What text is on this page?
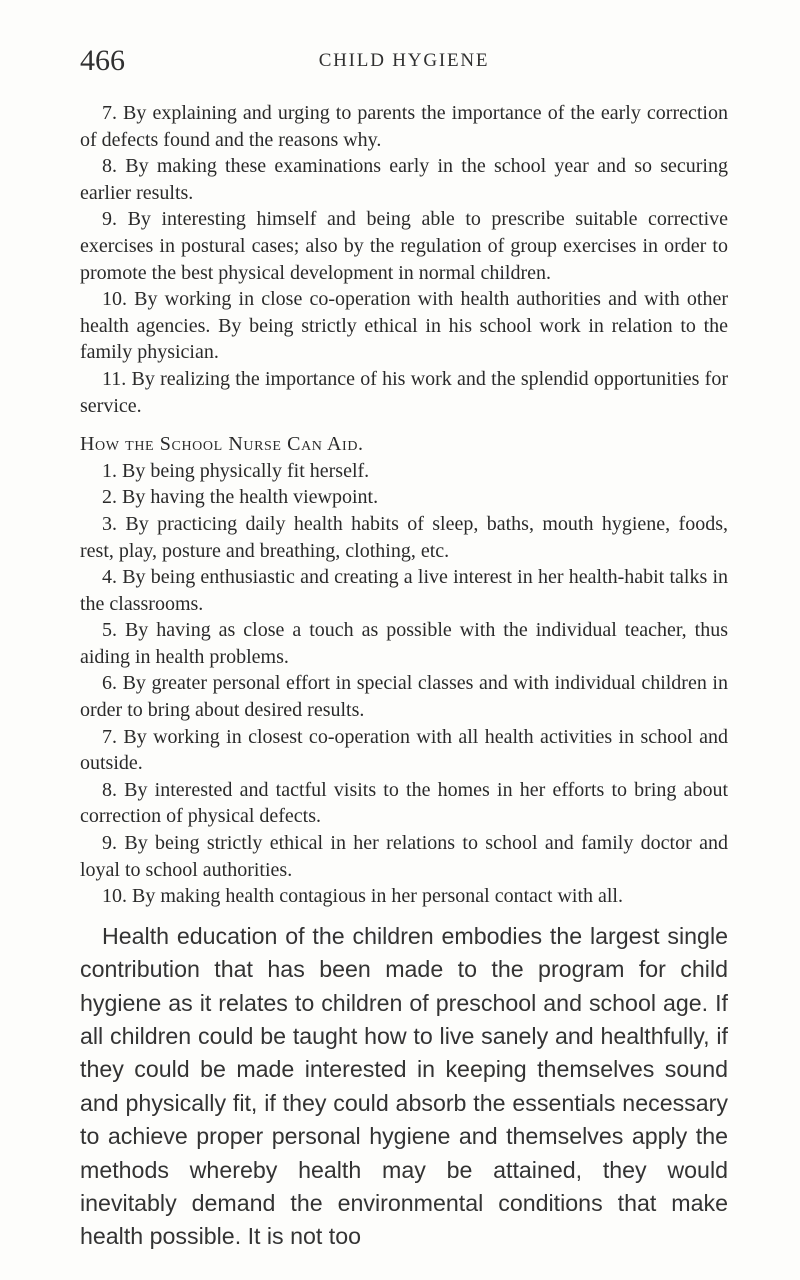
466	CHILD HYGIENE

7. By explaining and urging to parents the importance of the early correction of defects found and the reasons why.

8. By making these examinations early in the school year and so securing earlier results.

9. By interesting himself and being able to prescribe suitable corrective exercises in postural cases; also by the regulation of group exercises in order to promote the best physical development in normal children.

10. By working in close co-operation with health authorities and with other health agencies. By being strictly ethical in his school work in relation to the family physician.

11. By realizing the importance of his work and the splendid opportunities for service.

How the School Nurse Can Aid.

1. By being physically fit herself.

2. By having the health viewpoint.

3. By practicing daily health habits of sleep, baths, mouth hygiene, foods, rest, play, posture and breathing, clothing, etc.

4. By being enthusiastic and creating a live interest in her health-habit talks in the classrooms.

5. By having as close a touch as possible with the individual teacher, thus aiding in health problems.

6. By greater personal effort in special classes and with individual children in order to bring about desired results.

7. By working in closest co-operation with all health activities in school and outside.

8. By interested and tactful visits to the homes in her efforts to bring about correction of physical defects.

9. By being strictly ethical in her relations to school and family doctor and loyal to school authorities.

10. By making health contagious in her personal contact with all.

Health education of the children embodies the largest single contribution that has been made to the program for child hygiene as it relates to children of preschool and school age. If all children could be taught how to live sanely and healthfully, if they could be made interested in keeping themselves sound and physically fit, if they could absorb the essentials necessary to achieve proper personal hygiene and themselves apply the methods whereby health may be attained, they would inevitably demand the environmental conditions that make health possible. It is not too
